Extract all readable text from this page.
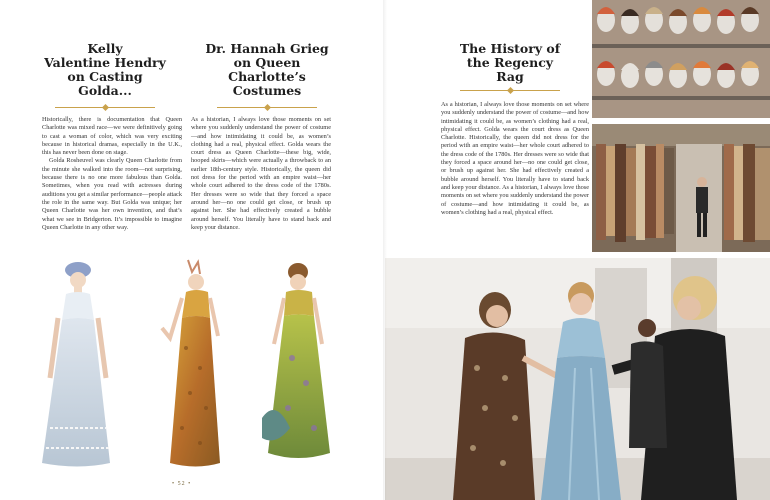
Kelly
Valentine Hendry
on Casting
Golda...
Dr. Hannah Grieg
on Queen
Charlotte’s
Costumes

Historically, there is documentation that Queen Charlotte was mixed race—we were definitively going to cast a woman of color, which was very exciting because in historical dramas, especially in the U.K., this has never been done on stage.

Golda Rosheuvel was clearly Queen Charlotte from the minute she walked into the room—not surprising, because there is no one more fabulous than Golda. Sometimes, when you read with actresses during auditions you get a similar performance—people attack the role in the same way. But Golda was unique; her Queen Charlotte was her own invention, and that’s what we see in Bridgerton. It’s impossible to imagine Queen Charlotte in any other way.

As a historian, I always love those moments on set where you suddenly understand the power of costume—and how intimidating it could be, as women’s clothing had a real, physical effect. Golda wears the court dress as Queen Charlotte—these big, wide, hooped skirts—which were actually a throwback to an earlier 18th-century style. Historically, the queen did not dress for the period with an empire waist—her whole court adhered to the dress code of the 1780s. Her dresses were so wide that they forced a space around her—no one could get close, or brush up against her. She had effectively created a bubble around herself. You literally have to stand back and keep your distance.

• 52 •
The History of
the Regency
Rag

As a historian, I always love those moments on set where you suddenly understand the power of costume—and how intimidating it could be, as women’s clothing had a real, physical effect. Golda wears the court dress as Queen Charlotte. Historically, the queen did not dress for the period with an empire waist—her whole court adhered to the dress code of the 1780s. Her dresses were so wide that they forced a space around her—no one could get close, or brush up against her. She had effectively created a bubble around herself. You literally have to stand back and keep your distance. As a historian, I always love those moments on set where you suddenly understand the power of costume—and how intimidating it could be, as women’s clothing had a real, physical effect.
